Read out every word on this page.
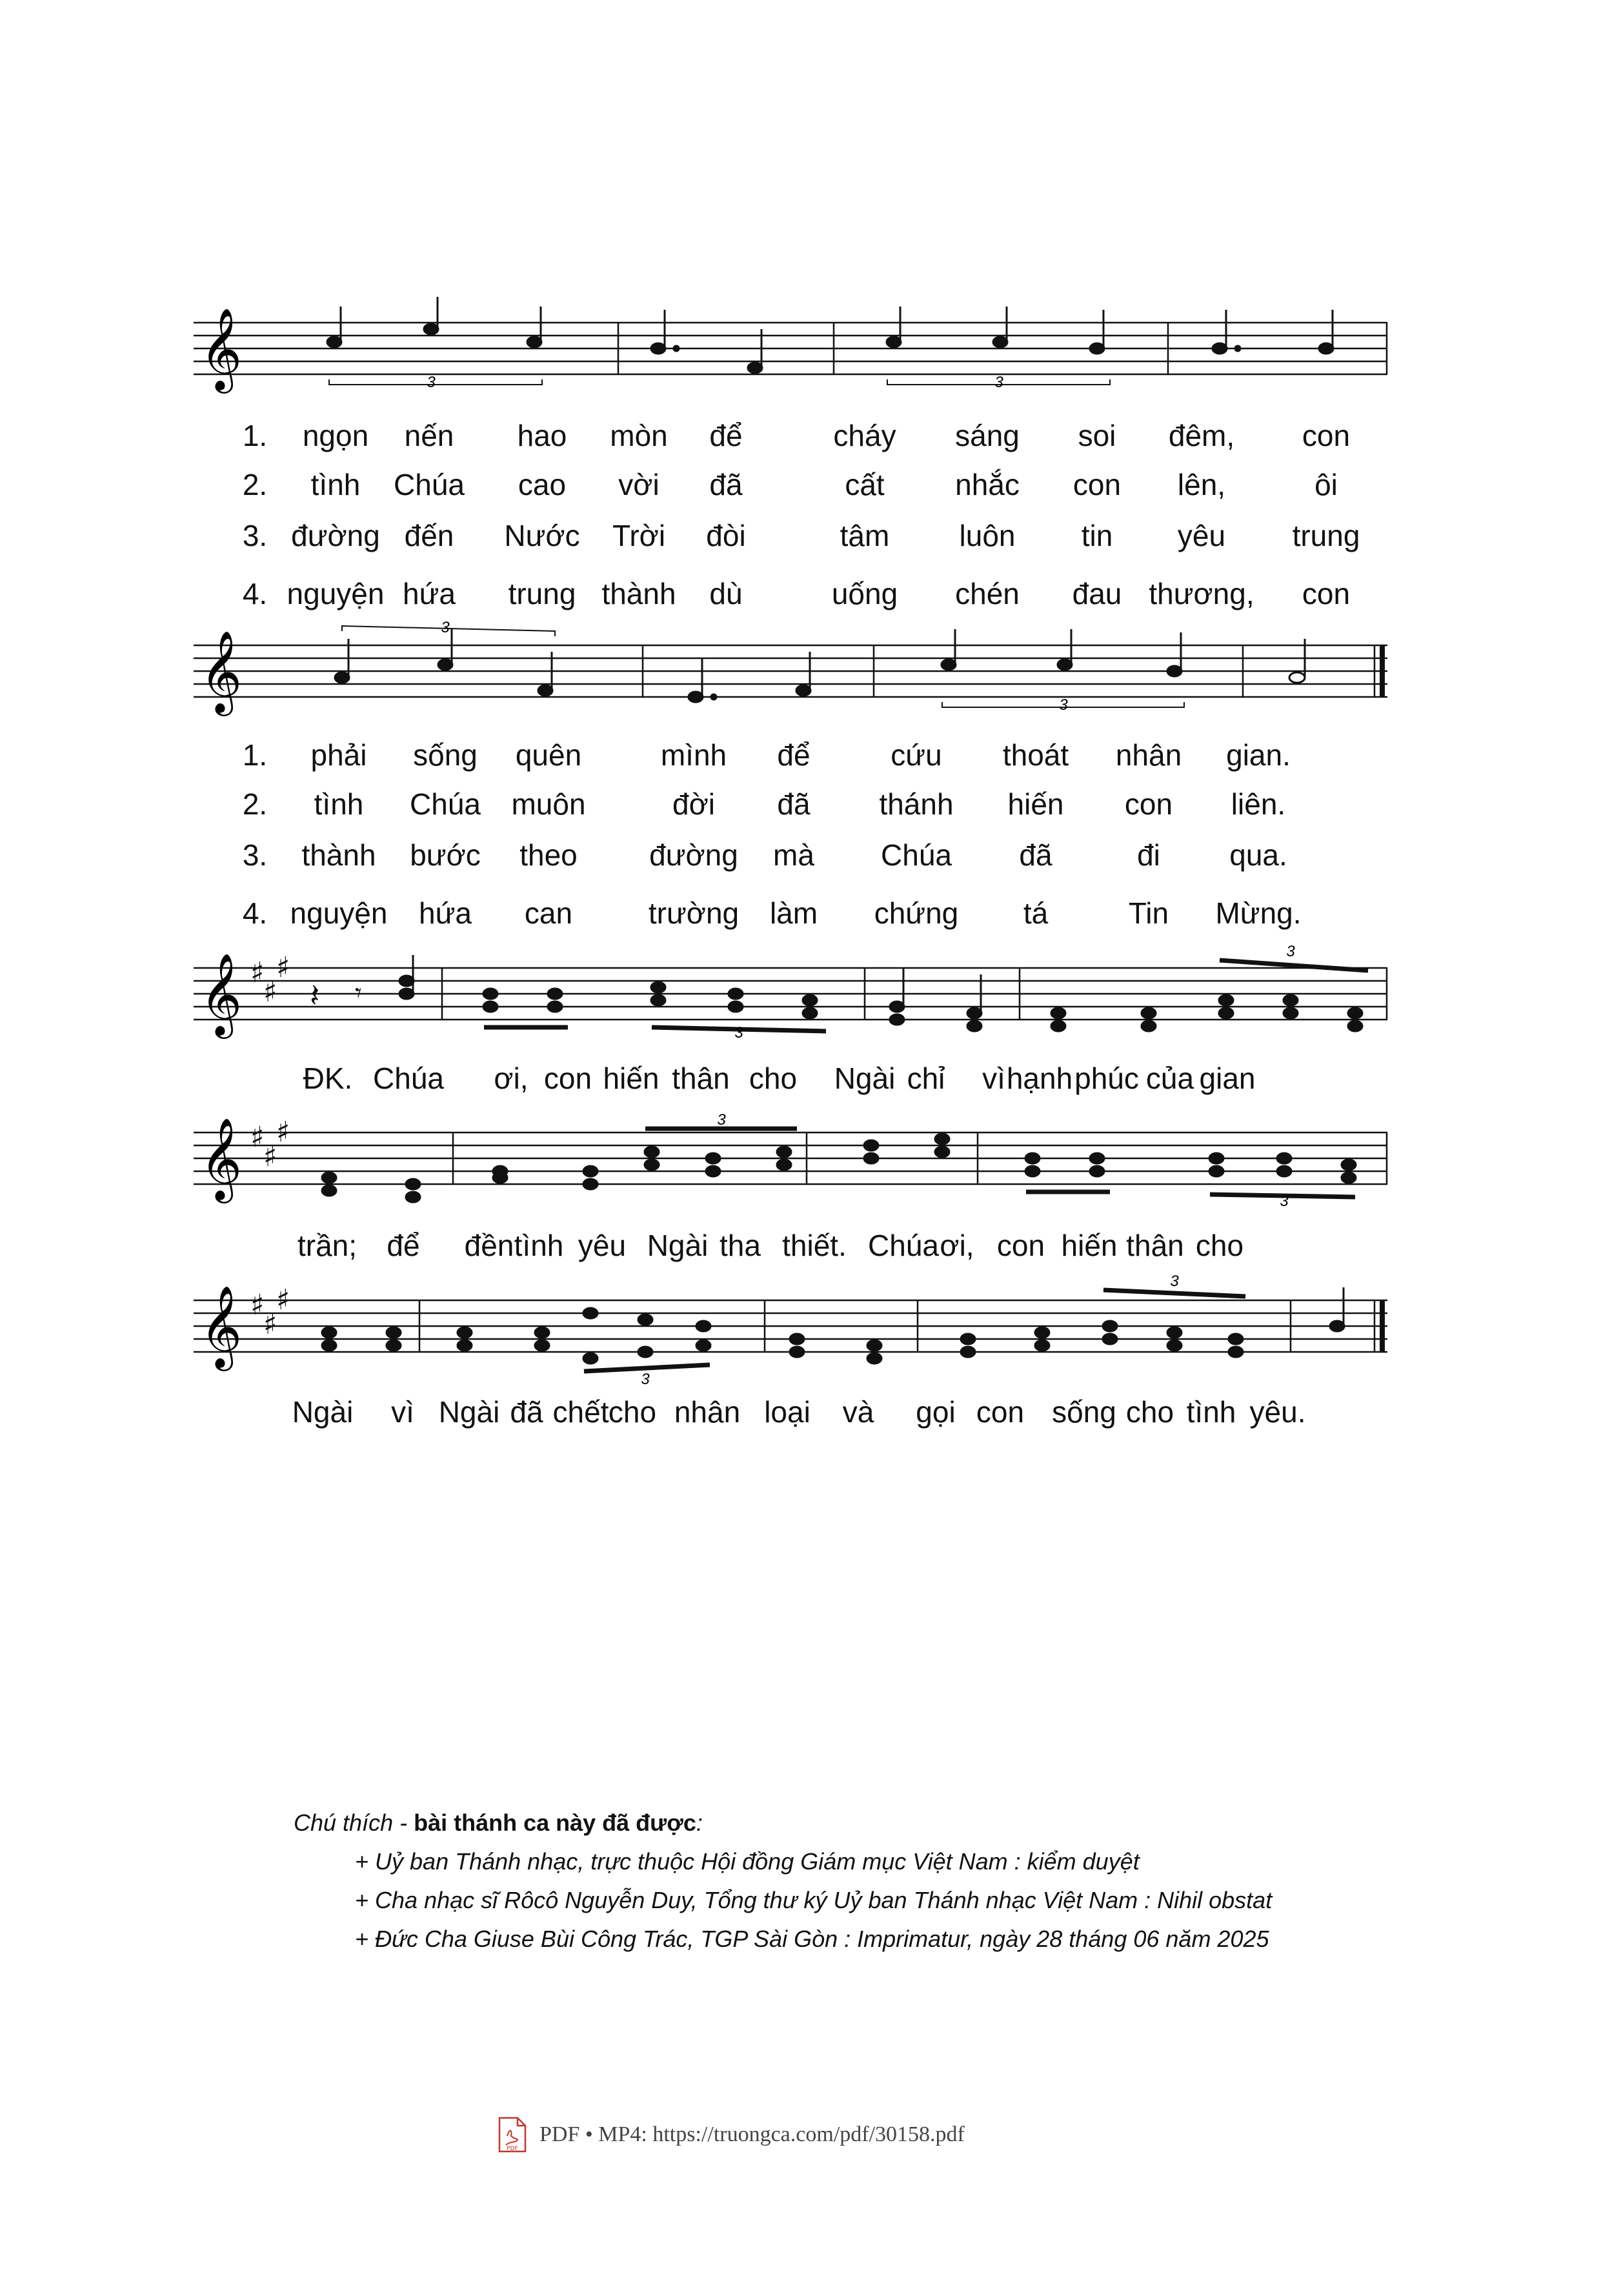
𝄞	3	3
1. ngọn nến hao mòn để	cháy sáng soi đêm, con
2. tình Chúa cao vời đã	cất nhắc con lên,	ôi
3. đường đến Nước Trời đòi	tâm luôn tin yêu trung
4. nguyện hứa trung thành dù	uống chén đau thương, con
𝄞
3
3
1. phải sống quên	mình để	cứu thoát nhân gian.
2. tình Chúa muôn	đời đã thánh hiến con liên.
3. thành bước theo đường mà Chúa đã	đi qua.
4. nguyện hứa can	trường làm chứng tá	Tin Mừng.
𝄞 ♯
♯
♯
𝄽 𝄾
3
3
ĐK. Chúa ơi, con hiến thân cho Ngài chỉ vì hạnh phúc của gian
𝄞 ♯
♯
♯	3
3
trần; để đền tình yêu Ngài tha thiết. Chúa ơi, con hiến thân cho
𝄞 ♯
♯
♯
3
3
Ngài vì Ngài đã chết cho nhân loại và gọi con sống cho tình yêu.
Chú thích - bài thánh ca này đã được:
+ Uỷ ban Thánh nhạc, trực thuộc Hội đồng Giám mục Việt Nam : kiểm duyệt
+ Cha nhạc sĩ Rôcô Nguyễn Duy, Tổng thư ký Uỷ ban Thánh nhạc Việt Nam : Nihil obstat
+ Đức Cha Giuse Bùi Công Trác, TGP Sài Gòn : Imprimatur, ngày 28 tháng 06 năm 2025
PDF
PDF • MP4: https://truongca.com/pdf/30158.pdf
